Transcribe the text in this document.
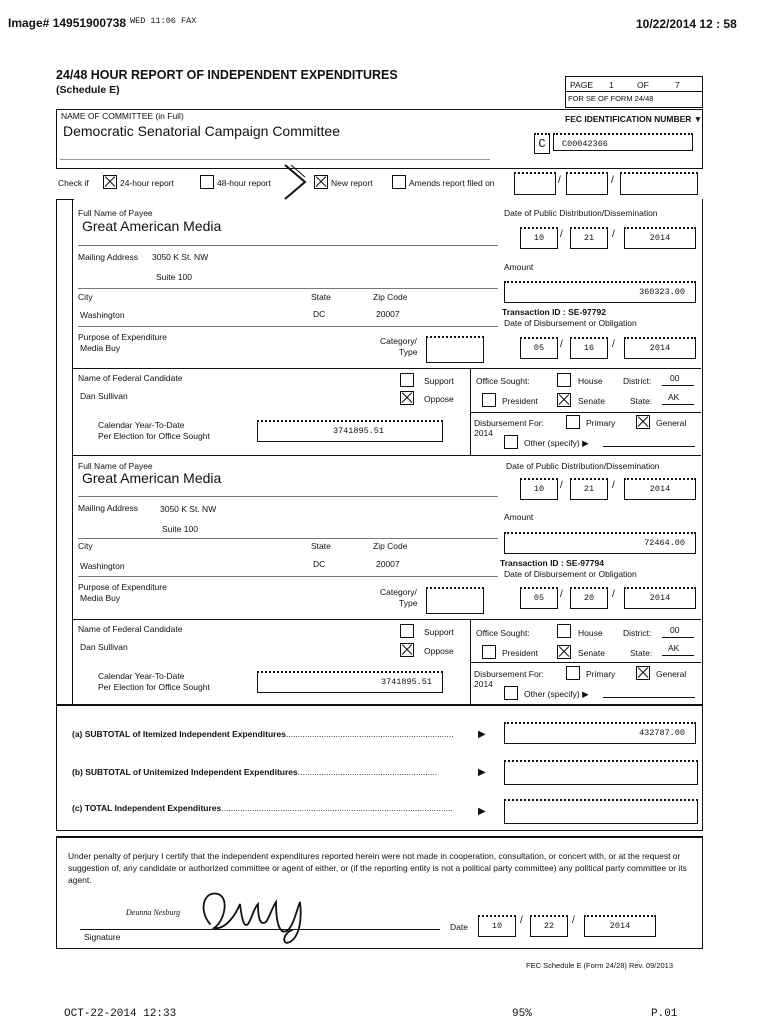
Image# 14951900738 WED 11:06 FAX	10/22/2014 12 : 58
24/48 HOUR REPORT OF INDEPENDENT EXPENDITURES
(Schedule E)	PAGE 1	OF	7
FOR SE OF FORM 24/48
NAME OF COMMITTEE (in Full)
Democratic Senatorial Campaign Committee
FEC IDENTIFICATION NUMBER ▼
C	C00042366
Check if	24-hour report	48-hour report	New report	Amends report filed on	/	/
Full Name of Payee
Great American Media
Mailing Address 3050 K St. NW
Suite 100
City	State	Zip Code
Washington	DC	20007
Purpose of Expenditure
Media Buy
Category/
Type
Name of Federal Candidate
Dan Sullivan
Support
Oppose
Office Sought:	House District: 00
President	Senate	State: AK
Calendar Year-To-Date
Per Election for Office Sought	3741895.51
Disbursement For:
2014
Primary	General
Other (specify) ▶
Date of Public Distribution/Dissemination
10	/	21	/	2014
Amount
360323.00
Transaction ID : SE-97792
Date of Disbursement or Obligation
05	/	16	/	2014
Full Name of Payee
Great American Media
Mailing Address	3050 K St. NW
Suite 100
City	State	Zip Code
Washington	DC	20007
Purpose of Expenditure
Media Buy
Category/
Type
Name of Federal Candidate
Dan Sullivan
Support
Oppose
Office Sought:	House District: 00
President	Senate	State: AK
Calendar Year-To-Date
Per Election for Office Sought	3741895.51
Disbursement For:
2014
Primary	General
Other (specify) ▶
Date of Public Distribution/Dissemination
10	/	21	/	2014
Amount
72464.00
Transaction ID : SE-97794
Date of Disbursement or Obligation
05	/	20	/	2014
(a) SUBTOTAL of Itemized Independent Expenditures....................................................................... ▶	432787.00
(b) SUBTOTAL of Unitemized Independent Expenditures...........................................................	▶
(c) TOTAL Independent Expenditures..................................................................................................	▶
Under penalty of perjury I certify that the independent expenditures reported herein were not made in cooperation, consultation, or concert with, or at the request or suggestion of, any candidate or authorized committee or agent of either, or (if the reporting entity is not a political party committee) any political party committee or its agent.
Deunna Nesburg
Signature
Date	10	/	22	/	2014
FEC Schedule E (Form 24/28) Rev. 09/2013
OCT-22-2014 12:33	95%	P.01
